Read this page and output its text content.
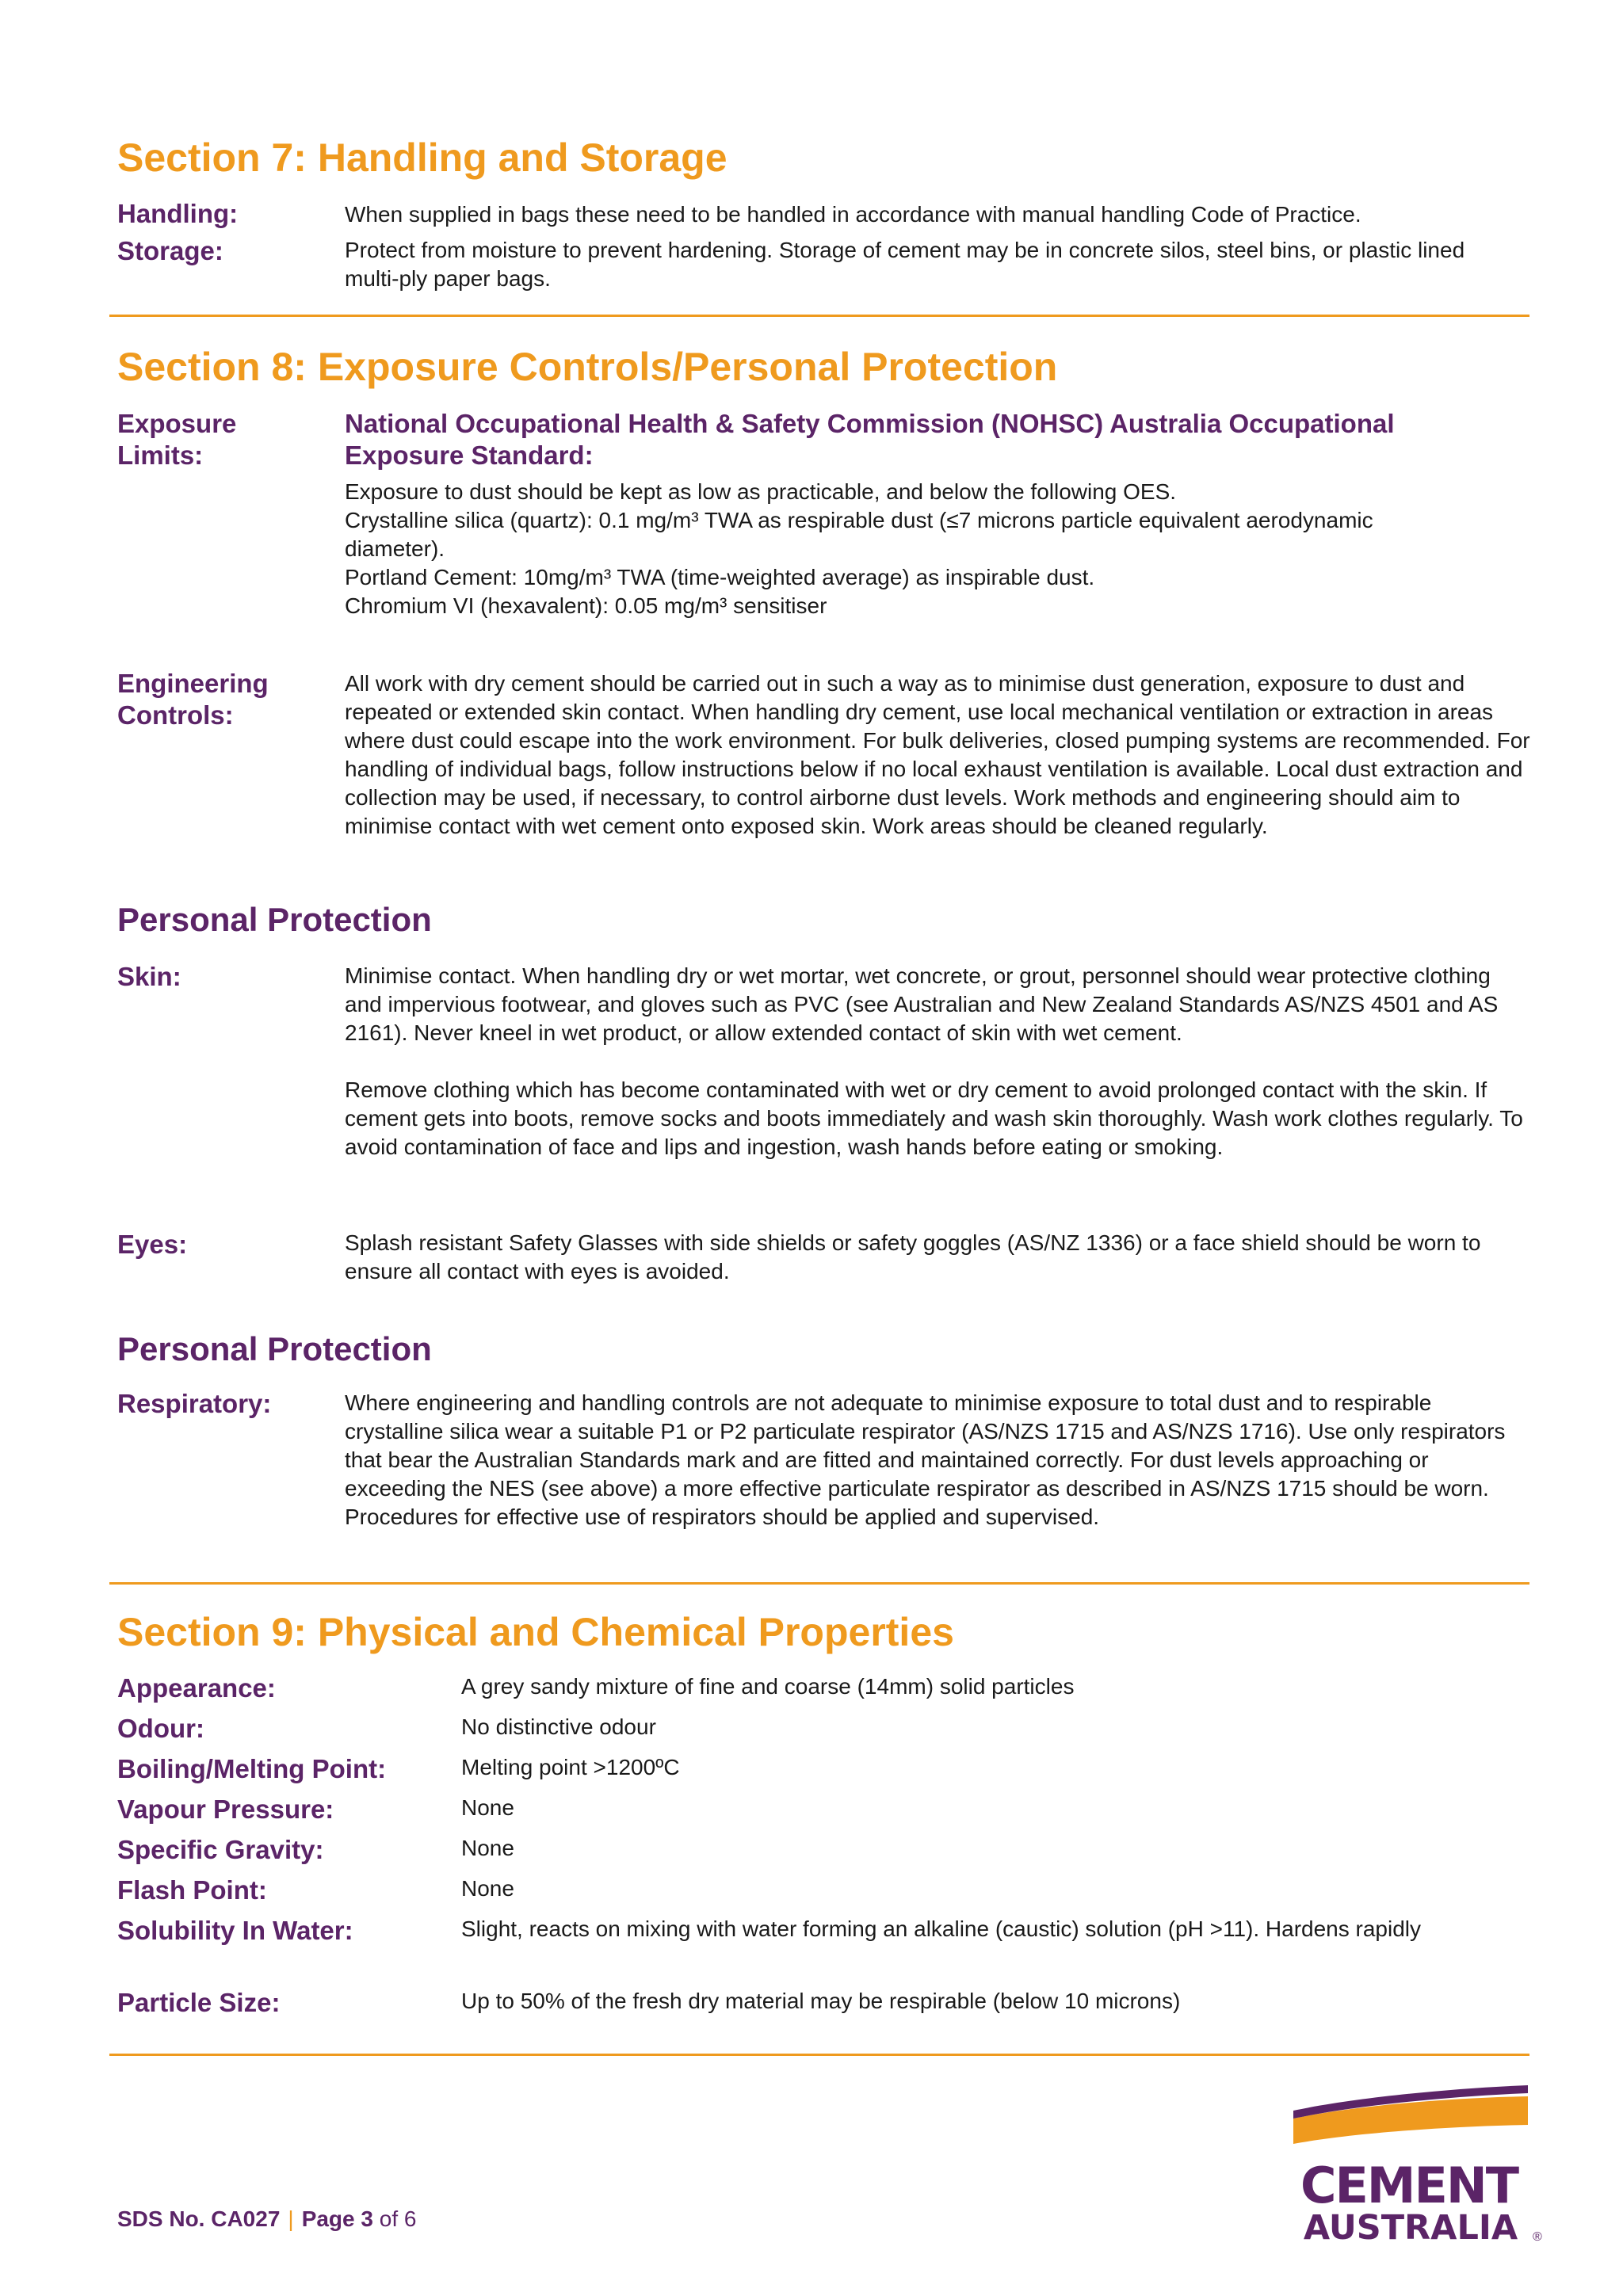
Section 7: Handling and Storage
Handling:	When supplied in bags these need to be handled in accordance with manual handling Code of Practice.
Storage:	Protect from moisture to prevent hardening. Storage of cement may be in concrete silos, steel bins, or plastic lined multi-ply paper bags.
Section 8: Exposure Controls/Personal Protection
Exposure Limits:
National Occupational Health & Safety Commission (NOHSC) Australia Occupational Exposure Standard:
Exposure to dust should be kept as low as practicable, and below the following OES.
Crystalline silica (quartz): 0.1 mg/m³ TWA as respirable dust (≤7 microns particle equivalent aerodynamic diameter).
Portland Cement: 10mg/m³ TWA (time-weighted average) as inspirable dust.
Chromium VI (hexavalent): 0.05 mg/m³ sensitiser
Engineering Controls:
All work with dry cement should be carried out in such a way as to minimise dust generation, exposure to dust and repeated or extended skin contact. When handling dry cement, use local mechanical ventilation or extraction in areas where dust could escape into the work environment. For bulk deliveries, closed pumping systems are recommended. For handling of individual bags, follow instructions below if no local exhaust ventilation is available. Local dust extraction and collection may be used, if necessary, to control airborne dust levels. Work methods and engineering should aim to minimise contact with wet cement onto exposed skin. Work areas should be cleaned regularly.
Personal Protection
Skin:	Minimise contact. When handling dry or wet mortar, wet concrete, or grout, personnel should wear protective clothing and impervious footwear, and gloves such as PVC (see Australian and New Zealand Standards AS/NZS 4501 and AS 2161). Never kneel in wet product, or allow extended contact of skin with wet cement.
Remove clothing which has become contaminated with wet or dry cement to avoid prolonged contact with the skin. If cement gets into boots, remove socks and boots immediately and wash skin thoroughly. Wash work clothes regularly. To avoid contamination of face and lips and ingestion, wash hands before eating or smoking.
Eyes:	Splash resistant Safety Glasses with side shields or safety goggles (AS/NZ 1336) or a face shield should be worn to ensure all contact with eyes is avoided.
Personal Protection
Respiratory:	Where engineering and handling controls are not adequate to minimise exposure to total dust and to respirable crystalline silica wear a suitable P1 or P2 particulate respirator (AS/NZS 1715 and AS/NZS 1716). Use only respirators that bear the Australian Standards mark and are fitted and maintained correctly. For dust levels approaching or exceeding the NES (see above) a more effective particulate respirator as described in AS/NZS 1715 should be worn. Procedures for effective use of respirators should be applied and supervised.
Section 9: Physical and Chemical Properties
Appearance:	A grey sandy mixture of fine and coarse (14mm) solid particles
Odour:	No distinctive odour
Boiling/Melting Point:	Melting point >1200ºC
Vapour Pressure:	None
Specific Gravity:	None
Flash Point:	None
Solubility In Water:	Slight, reacts on mixing with water forming an alkaline (caustic) solution (pH >11). Hardens rapidly
Particle Size:	Up to 50% of the fresh dry material may be respirable (below 10 microns)
SDS No. CA027 | Page 3 of 6
CEMENT
AUSTRALIA	®
